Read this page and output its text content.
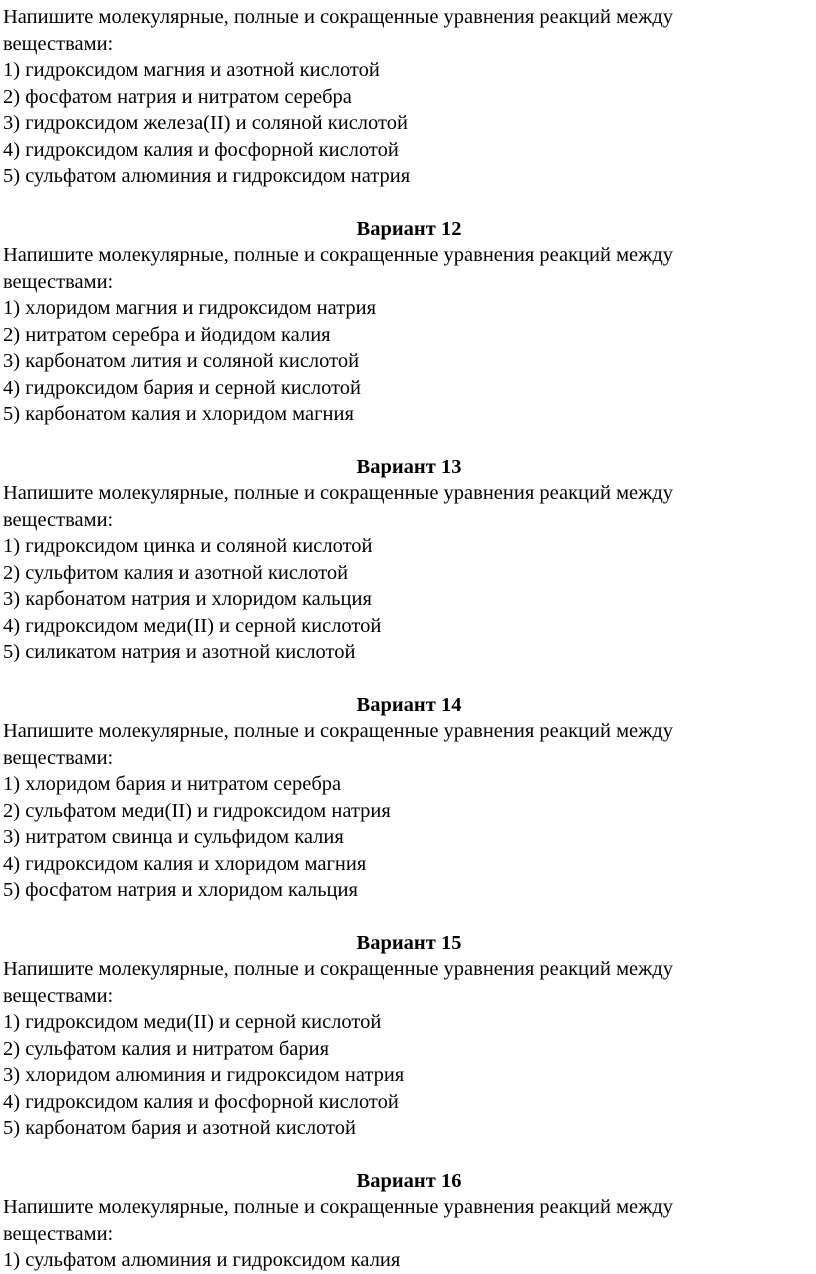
Напишите молекулярные, полные и сокращенные уравнения реакций между
веществами:
1) гидроксидом магния и азотной кислотой
2) фосфатом натрия и нитратом серебра
3) гидроксидом железа(II) и соляной кислотой
4) гидроксидом калия и фосфорной кислотой
5) сульфатом алюминия и гидроксидом натрия
Вариант 12
Напишите молекулярные, полные и сокращенные уравнения реакций между
веществами:
1) хлоридом магния и гидроксидом натрия
2) нитратом серебра и йодидом калия
3) карбонатом лития и соляной кислотой
4) гидроксидом бария и серной кислотой
5) карбонатом калия и хлоридом магния
Вариант 13
Напишите молекулярные, полные и сокращенные уравнения реакций между
веществами:
1) гидроксидом цинка и соляной кислотой
2) сульфитом калия и азотной кислотой
3) карбонатом натрия и хлоридом кальция
4) гидроксидом меди(II) и серной кислотой
5) силикатом натрия и азотной кислотой
Вариант 14
Напишите молекулярные, полные и сокращенные уравнения реакций между
веществами:
1) хлоридом бария и нитратом серебра
2) сульфатом меди(II) и гидроксидом натрия
3) нитратом свинца и сульфидом калия
4) гидроксидом калия и хлоридом магния
5) фосфатом натрия и хлоридом кальция
Вариант 15
Напишите молекулярные, полные и сокращенные уравнения реакций между
веществами:
1) гидроксидом меди(II) и серной кислотой
2) сульфатом калия и нитратом бария
3) хлоридом алюминия и гидроксидом натрия
4) гидроксидом калия и фосфорной кислотой
5) карбонатом бария и азотной кислотой
Вариант 16
Напишите молекулярные, полные и сокращенные уравнения реакций между
веществами:
1) сульфатом алюминия и гидроксидом калия
